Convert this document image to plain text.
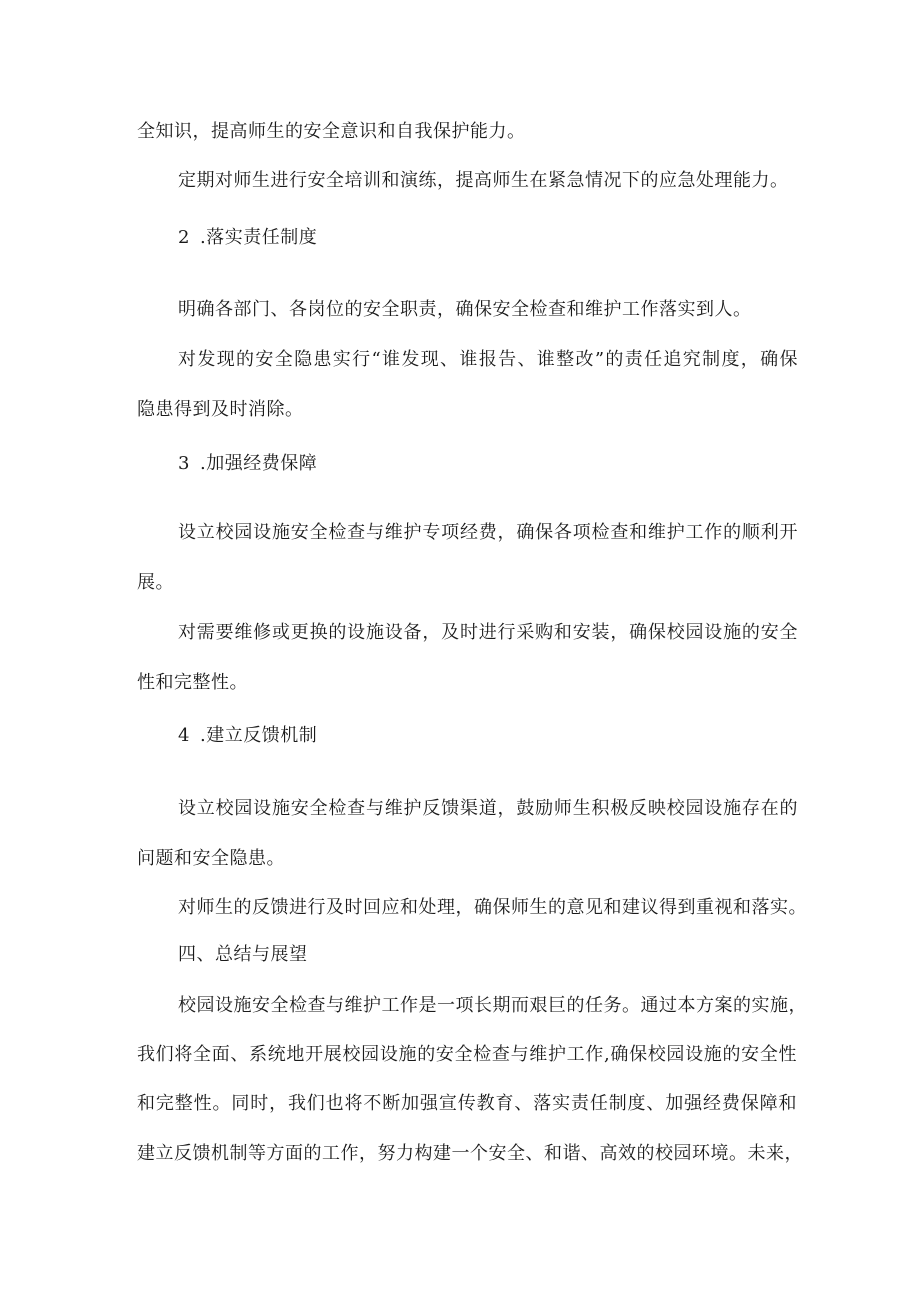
全知识，提高师生的安全意识和自我保护能力。
定期对师生进行安全培训和演练，提高师生在紧急情况下的应急处理能力。
2 .落实责任制度
明确各部门、各岗位的安全职责，确保安全检查和维护工作落实到人。
对发现的安全隐患实行“谁发现、谁报告、谁整改”的责任追究制度，确保
隐患得到及时消除。
3 .加强经费保障
设立校园设施安全检查与维护专项经费，确保各项检查和维护工作的顺利开
展。
对需要维修或更换的设施设备，及时进行采购和安装，确保校园设施的安全
性和完整性。
4 .建立反馈机制
设立校园设施安全检查与维护反馈渠道，鼓励师生积极反映校园设施存在的
问题和安全隐患。
对师生的反馈进行及时回应和处理，确保师生的意见和建议得到重视和落实。
四、总结与展望
校园设施安全检查与维护工作是一项长期而艰巨的任务。通过本方案的实施，
我们将全面、系统地开展校园设施的安全检查与维护工作,确保校园设施的安全性
和完整性。同时，我们也将不断加强宣传教育、落实责任制度、加强经费保障和
建立反馈机制等方面的工作，努力构建一个安全、和谐、高效的校园环境。未来，
